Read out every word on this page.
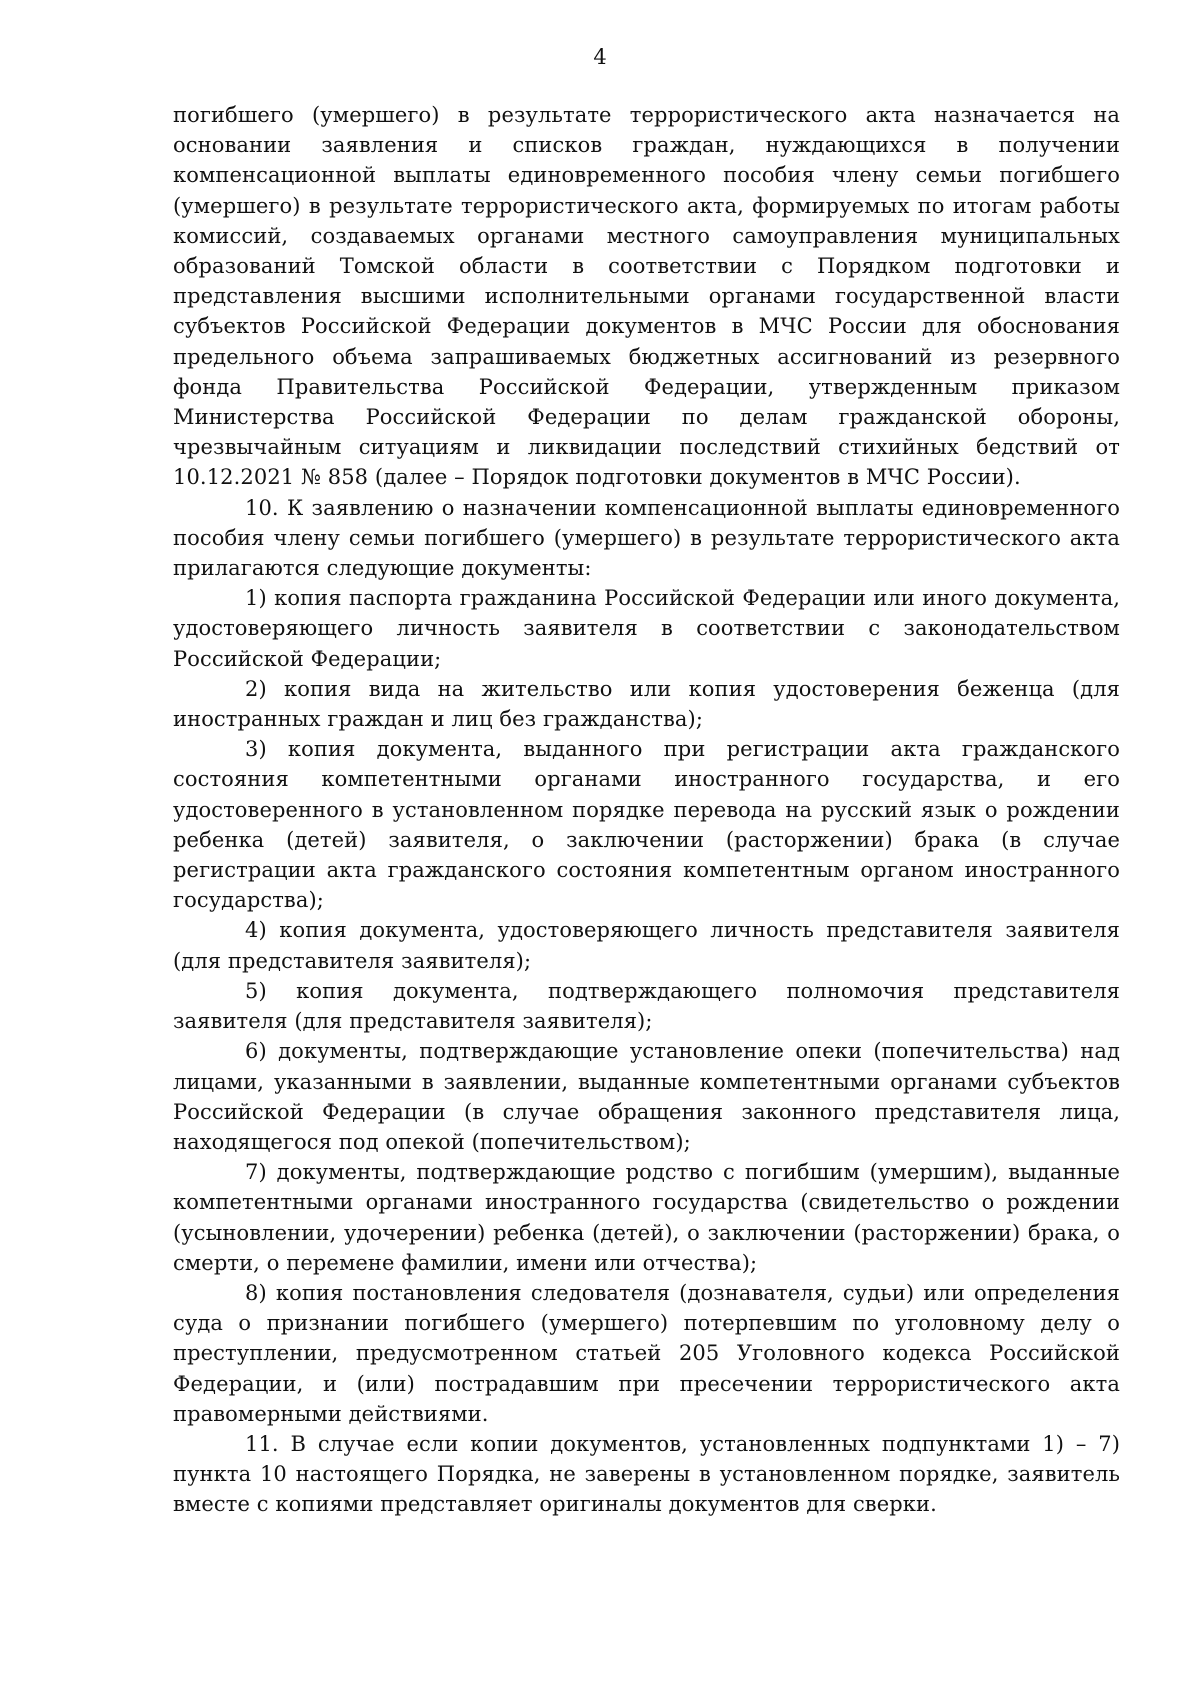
4

погибшего (умершего) в результате террористического акта назначается на основании заявления и списков граждан, нуждающихся в получении компенсационной выплаты единовременного пособия члену семьи погибшего (умершего) в результате террористического акта, формируемых по итогам работы комиссий, создаваемых органами местного самоуправления муниципальных образований Томской области в соответствии с Порядком подготовки и представления высшими исполнительными органами государственной власти субъектов Российской Федерации документов в МЧС России для обоснования предельного объема запрашиваемых бюджетных ассигнований из резервного фонда Правительства Российской Федерации, утвержденным приказом Министерства Российской Федерации по делам гражданской обороны, чрезвычайным ситуациям и ликвидации последствий стихийных бедствий от 10.12.2021 № 858 (далее – Порядок подготовки документов в МЧС России).

10. К заявлению о назначении компенсационной выплаты единовременного пособия члену семьи погибшего (умершего) в результате террористического акта прилагаются следующие документы:

1) копия паспорта гражданина Российской Федерации или иного документа, удостоверяющего личность заявителя в соответствии с законодательством Российской Федерации;

2) копия вида на жительство или копия удостоверения беженца (для иностранных граждан и лиц без гражданства);

3) копия документа, выданного при регистрации акта гражданского состояния компетентными органами иностранного государства, и его удостоверенного в установленном порядке перевода на русский язык о рождении ребенка (детей) заявителя, о заключении (расторжении) брака (в случае регистрации акта гражданского состояния компетентным органом иностранного государства);

4) копия документа, удостоверяющего личность представителя заявителя (для представителя заявителя);

5) копия документа, подтверждающего полномочия представителя заявителя (для представителя заявителя);

6) документы, подтверждающие установление опеки (попечительства) над лицами, указанными в заявлении, выданные компетентными органами субъектов Российской Федерации (в случае обращения законного представителя лица, находящегося под опекой (попечительством);

7) документы, подтверждающие родство с погибшим (умершим), выданные компетентными органами иностранного государства (свидетельство о рождении (усыновлении, удочерении) ребенка (детей), о заключении (расторжении) брака, о смерти, о перемене фамилии, имени или отчества);

8) копия постановления следователя (дознавателя, судьи) или определения суда о признании погибшего (умершего) потерпевшим по уголовному делу о преступлении, предусмотренном статьей 205 Уголовного кодекса Российской Федерации, и (или) пострадавшим при пресечении террористического акта правомерными действиями.

11. В случае если копии документов, установленных подпунктами 1) – 7) пункта 10 настоящего Порядка, не заверены в установленном порядке, заявитель вместе с копиями представляет оригиналы документов для сверки.
